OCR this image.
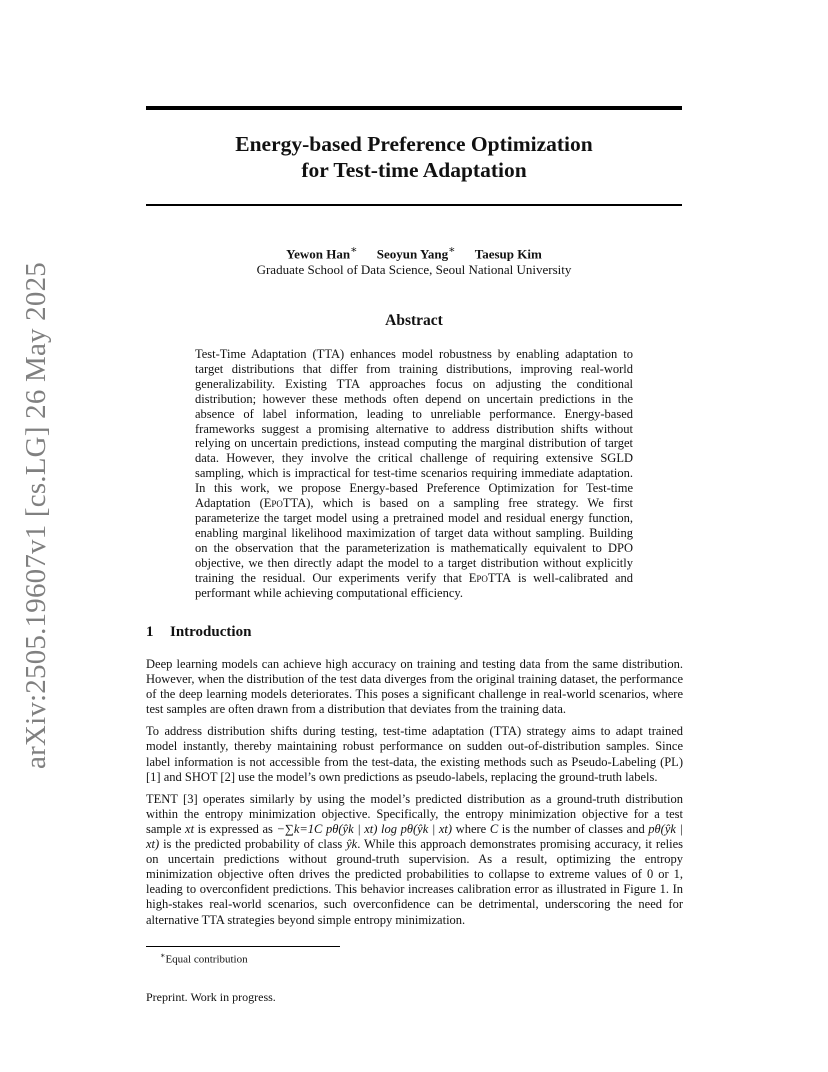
arXiv:2505.19607v1 [cs.LG] 26 May 2025
Energy-based Preference Optimization
for Test-time Adaptation
Yewon Han∗ Seoyun Yang∗ Taesup Kim
Graduate School of Data Science, Seoul National University
Abstract
Test-Time Adaptation (TTA) enhances model robustness by enabling adaptation to target distributions that differ from training distributions, improving real-world generalizability. Existing TTA approaches focus on adjusting the conditional distribution; however these methods often depend on uncertain predictions in the absence of label information, leading to unreliable performance. Energy-based frameworks suggest a promising alternative to address distribution shifts without relying on uncertain predictions, instead computing the marginal distribution of target data. However, they involve the critical challenge of requiring extensive SGLD sampling, which is impractical for test-time scenarios requiring immediate adaptation. In this work, we propose Energy-based Preference Optimization for Test-time Adaptation (EpoTTA), which is based on a sampling free strategy. We first parameterize the target model using a pretrained model and residual energy function, enabling marginal likelihood maximization of target data without sampling. Building on the observation that the parameterization is mathematically equivalent to DPO objective, we then directly adapt the model to a target distribution without explicitly training the residual. Our experiments verify that EpoTTA is well-calibrated and performant while achieving computational efficiency.
1 Introduction

Deep learning models can achieve high accuracy on training and testing data from the same distribution. However, when the distribution of the test data diverges from the original training dataset, the performance of the deep learning models deteriorates. This poses a significant challenge in real-world scenarios, where test samples are often drawn from a distribution that deviates from the training data.

To address distribution shifts during testing, test-time adaptation (TTA) strategy aims to adapt trained model instantly, thereby maintaining robust performance on sudden out-of-distribution samples. Since label information is not accessible from the test-data, the existing methods such as Pseudo-Labeling (PL) [1] and SHOT [2] use the model’s own predictions as pseudo-labels, replacing the ground-truth labels.

TENT [3] operates similarly by using the model’s predicted distribution as a ground-truth distribution within the entropy minimization objective. Specifically, the entropy minimization objective for a test sample xt is expressed as −∑k=1C pθ(ŷk | xt) log pθ(ŷk | xt) where C is the number of classes and pθ(ŷk | xt) is the predicted probability of class ŷk. While this approach demonstrates promising accuracy, it relies on uncertain predictions without ground-truth supervision. As a result, optimizing the entropy minimization objective often drives the predicted probabilities to collapse to extreme values of 0 or 1, leading to overconfident predictions. This behavior increases calibration error as illustrated in Figure 1. In high-stakes real-world scenarios, such overconfidence can be detrimental, underscoring the need for alternative TTA strategies beyond simple entropy minimization.

∗Equal contribution
Preprint. Work in progress.
